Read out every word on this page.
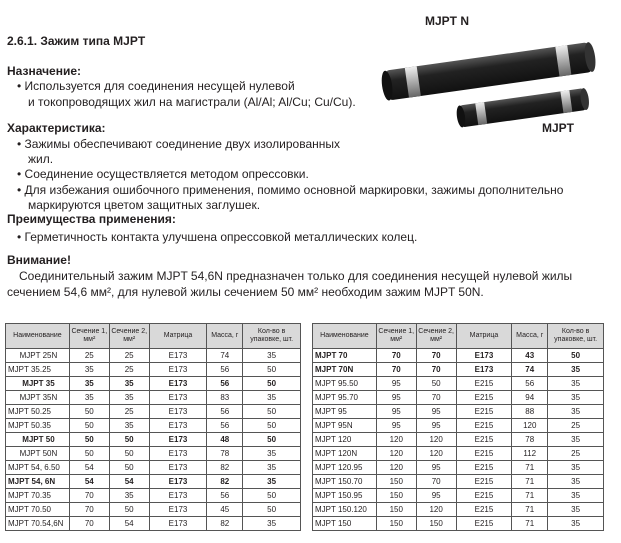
2.6.1. Зажим типа MJPT
MJPT N
MJPT
Назначение:
• Используется для соединения несущей нулевой
и токопроводящих жил на магистрали (Al/Al; Al/Cu; Cu/Cu).
Характеристика:
• Зажимы обеспечивают соединение двух изолированных
жил.
• Соединение осуществляется методом опрессовки.
• Для избежания ошибочного применения, помимо основной маркировки, зажимы дополнительно
маркируются цветом защитных заглушек.
Преимущества применения:
• Герметичность контакта улучшена опрессовкой металлических колец.
Внимание!
Соединительный зажим MJPT 54,6N предназначен только для соединения несущей нулевой жилы
сечением 54,6 мм², для нулевой жилы сечением 50 мм² необходим зажим MJPT 50N.
Наименование	Сечение 1, мм²	Сечение 2, мм²	Матрица	Масса, г	Кол-во в упаковке, шт.
MJPT 25N	25	25	E173	74	35
MJPT 35.25	35	25	E173	56	50
MJPT 35	35	35	E173	56	50
MJPT 35N	35	35	E173	83	35
MJPT 50.25	50	25	E173	56	50
MJPT 50.35	50	35	E173	56	50
MJPT 50	50	50	E173	48	50
MJPT 50N	50	50	E173	78	35
MJPT 54, 6.50	54	50	E173	82	35
MJPT 54, 6N	54	54	E173	82	35
MJPT 70.35	70	35	E173	56	50
MJPT 70.50	70	50	E173	45	50
MJPT 70.54,6N	70	54	E173	82	35
Наименование	Сечение 1, мм²	Сечение 2, мм²	Матрица	Масса, г	Кол-во в упаковке, шт.
MJPT 70	70	70	E173	43	50
MJPT 70N	70	70	E173	74	35
MJPT 95.50	95	50	E215	56	35
MJPT 95.70	95	70	E215	94	35
MJPT 95	95	95	E215	88	35
MJPT 95N	95	95	E215	120	25
MJPT 120	120	120	E215	78	35
MJPT 120N	120	120	E215	112	25
MJPT 120.95	120	95	E215	71	35
MJPT 150.70	150	70	E215	71	35
MJPT 150.95	150	95	E215	71	35
MJPT 150.120	150	120	E215	71	35
MJPT 150	150	150	E215	71	35
